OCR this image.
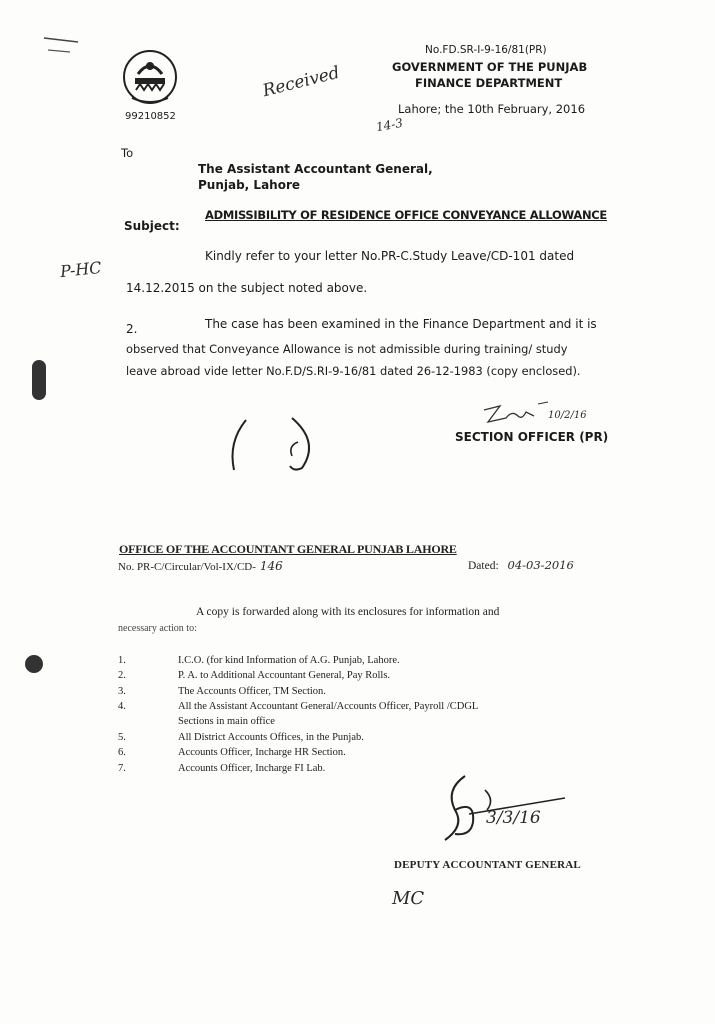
99210852
No.FD.SR-I-9-16/81(PR)
GOVERNMENT OF THE PUNJAB
FINANCE DEPARTMENT
Lahore; the 10th February, 2016
Received
14-3
To
The Assistant Accountant General,
Punjab, Lahore
Subject:
ADMISSIBILITY OF RESIDENCE OFFICE CONVEYANCE ALLOWANCE
P-HC
Kindly refer to your letter No.PR-C.Study Leave/CD-101 dated
14.12.2015 on the subject noted above.
2.	The case has been examined in the Finance Department and it is
observed that Conveyance Allowance is not admissible during training/ study
leave abroad vide letter No.F.D/S.RI-9-16/81 dated 26-12-1983 (copy enclosed).
10/2/16
SECTION OFFICER (PR)
OFFICE OF THE ACCOUNTANT GENERAL PUNJAB LAHORE
No. PR-C/Circular/Vol-IX/CD- 146	Dated: 04-03-2016
A copy is forwarded along with its enclosures for information and
necessary action to:
1.	I.C.O. (for kind Information of A.G. Punjab, Lahore.
2.	P. A. to Additional Accountant General, Pay Rolls.
3.	The Accounts Officer, TM Section.
4.	All the Assistant Accountant General/Accounts Officer, Payroll /CDGL
Sections in main office
5.	All District Accounts Offices, in the Punjab.
6.	Accounts Officer, Incharge HR Section.
7.	Accounts Officer, Incharge FI Lab.
3/3/16
DEPUTY ACCOUNTANT GENERAL
MC
